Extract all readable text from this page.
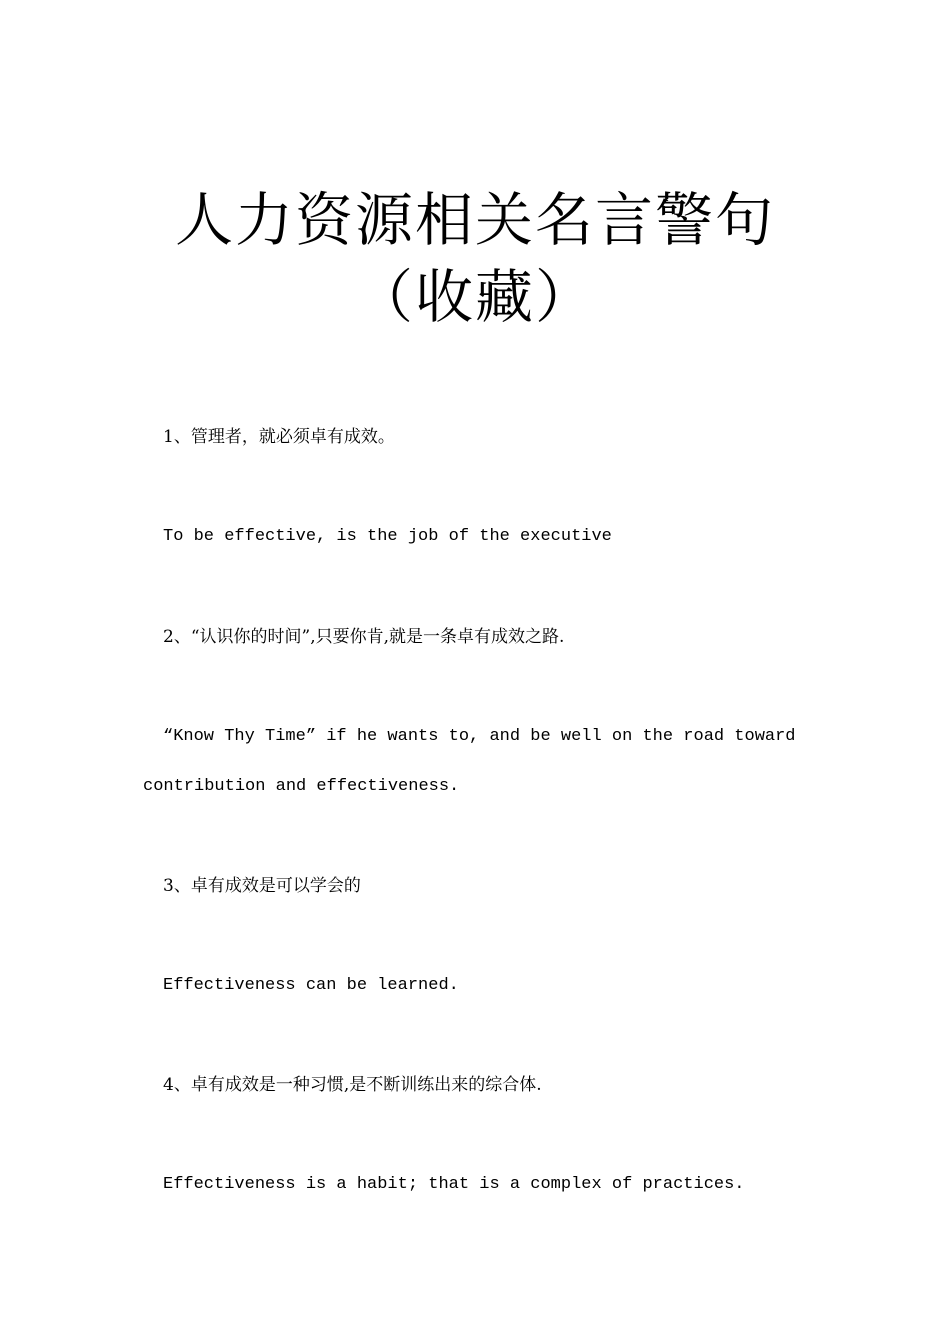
人力资源相关名言警句
（收藏）

1、管理者，就必须卓有成效。

To be effective, is the job of the executive

2、“认识你的时间”,只要你肯,就是一条卓有成效之路.

“Know Thy Time” if he wants to, and be well on the road toward contribution and effectiveness.

3、卓有成效是可以学会的

Effectiveness can be learned.

4、卓有成效是一种习惯,是不断训练出来的综合体.

Effectiveness is a habit; that is a complex of practices.
